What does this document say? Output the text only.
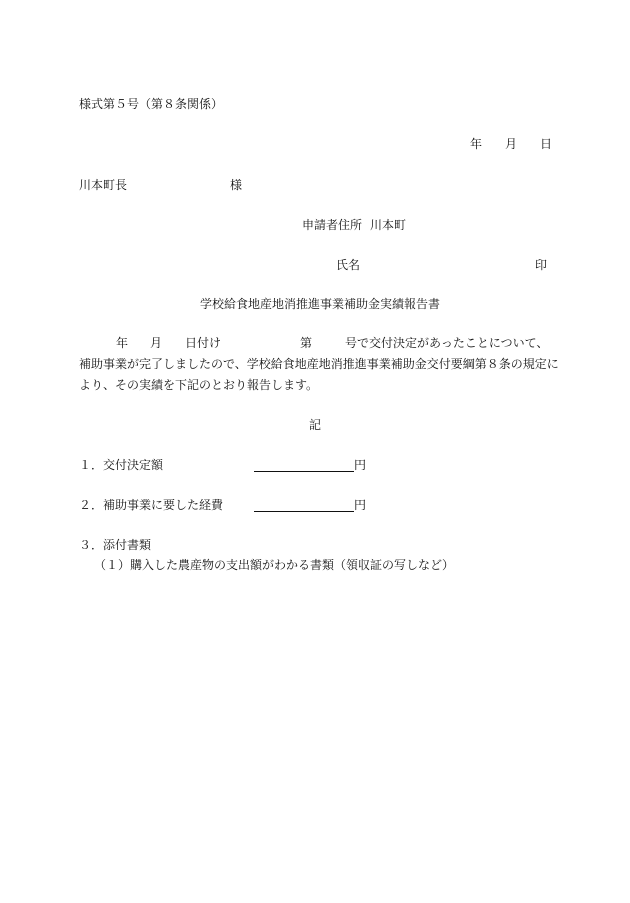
様式第５号（第８条関係）
年 月 日
川本町長	様
申請者住所 川本町
氏名	印
学校給食地産地消推進事業補助金実績報告書
年 月 日付け	第	号で交付決定があったことについて、
補助事業が完了しましたので、学校給食地産地消推進事業補助金交付要綱第８条の規定に
より、その実績を下記のとおり報告します。
記
１．交付決定額	円
２．補助事業に要した経費	円
３．添付書類
（１）購入した農産物の支出額がわかる書類（領収証の写しなど）
